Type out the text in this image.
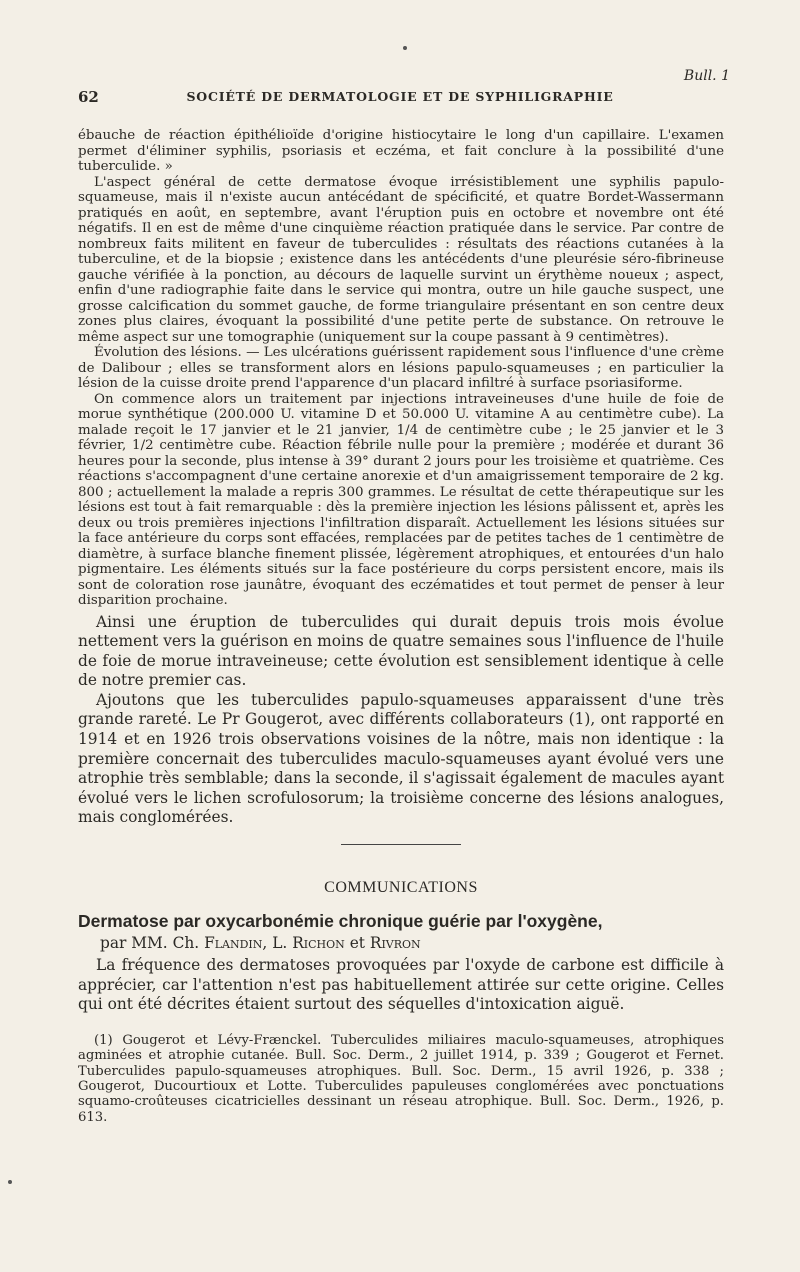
Bull. 1
62	SOCIÉTÉ DE DERMATOLOGIE ET DE SYPHILIGRAPHIE

ébauche de réaction épithélioïde d'origine histiocytaire le long d'un capillaire. L'examen permet d'éliminer syphilis, psoriasis et eczéma, et fait conclure à la possibilité d'une tuberculide. »

L'aspect général de cette dermatose évoque irrésistiblement une syphilis papulo-squameuse, mais il n'existe aucun antécédant de spécificité, et quatre Bordet-Wassermann pratiqués en août, en septembre, avant l'éruption puis en octobre et novembre ont été négatifs. Il en est de même d'une cinquième réaction pratiquée dans le service. Par contre de nombreux faits militent en faveur de tuberculides : résultats des réactions cutanées à la tuberculine, et de la biopsie ; existence dans les antécédents d'une pleurésie séro-fibrineuse gauche vérifiée à la ponction, au décours de laquelle survint un érythème noueux ; aspect, enfin d'une radiographie faite dans le service qui montra, outre un hile gauche suspect, une grosse calcification du sommet gauche, de forme triangulaire présentant en son centre deux zones plus claires, évoquant la possibilité d'une petite perte de substance. On retrouve le même aspect sur une tomographie (uniquement sur la coupe passant à 9 centimètres).

Évolution des lésions. — Les ulcérations guérissent rapidement sous l'influence d'une crème de Dalibour ; elles se transforment alors en lésions papulo-squameuses ; en particulier la lésion de la cuisse droite prend l'apparence d'un placard infiltré à surface psoriasiforme.

On commence alors un traitement par injections intraveineuses d'une huile de foie de morue synthétique (200.000 U. vitamine D et 50.000 U. vitamine A au centimètre cube). La malade reçoit le 17 janvier et le 21 janvier, 1/4 de centimètre cube ; le 25 janvier et le 3 février, 1/2 centimètre cube. Réaction fébrile nulle pour la première ; modérée et durant 36 heures pour la seconde, plus intense à 39° durant 2 jours pour les troisième et quatrième. Ces réactions s'accompagnent d'une certaine anorexie et d'un amaigrissement temporaire de 2 kg. 800 ; actuellement la malade a repris 300 grammes. Le résultat de cette thérapeutique sur les lésions est tout à fait remarquable : dès la première injection les lésions pâlissent et, après les deux ou trois premières injections l'infiltration disparaît. Actuellement les lésions situées sur la face antérieure du corps sont effacées, remplacées par de petites taches de 1 centimètre de diamètre, à surface blanche finement plissée, légèrement atrophiques, et entourées d'un halo pigmentaire. Les éléments situés sur la face postérieure du corps persistent encore, mais ils sont de coloration rose jaunâtre, évoquant des eczématides et tout permet de penser à leur disparition prochaine.

Ainsi une éruption de tuberculides qui durait depuis trois mois évolue nettement vers la guérison en moins de quatre semaines sous l'influence de l'huile de foie de morue intraveineuse; cette évolution est sensiblement identique à celle de notre premier cas.

Ajoutons que les tuberculides papulo-squameuses apparaissent d'une très grande rareté. Le Pr Gougerot, avec différents collaborateurs (1), ont rapporté en 1914 et en 1926 trois observations voisines de la nôtre, mais non identique : la première concernait des tuberculides maculo-squameuses ayant évolué vers une atrophie très semblable; dans la seconde, il s'agissait également de macules ayant évolué vers le lichen scrofulosorum; la troisième concerne des lésions analogues, mais conglomérées.

COMMUNICATIONS
Dermatose par oxycarbonémie chronique guérie par l'oxygène,
par MM. Ch. Flandin, L. Richon et Rivron

La fréquence des dermatoses provoquées par l'oxyde de carbone est difficile à apprécier, car l'attention n'est pas habituellement attirée sur cette origine. Celles qui ont été décrites étaient surtout des séquelles d'intoxication aiguë.

(1) Gougerot et Lévy-Frænckel. Tuberculides miliaires maculo-squameuses, atrophiques agminées et atrophie cutanée. Bull. Soc. Derm., 2 juillet 1914, p. 339 ; Gougerot et Fernet. Tuberculides papulo-squameuses atrophiques. Bull. Soc. Derm., 15 avril 1926, p. 338 ; Gougerot, Ducourtioux et Lotte. Tuberculides papuleuses conglomérées avec ponctuations squamo-croûteuses cicatricielles dessinant un réseau atrophique. Bull. Soc. Derm., 1926, p. 613.
